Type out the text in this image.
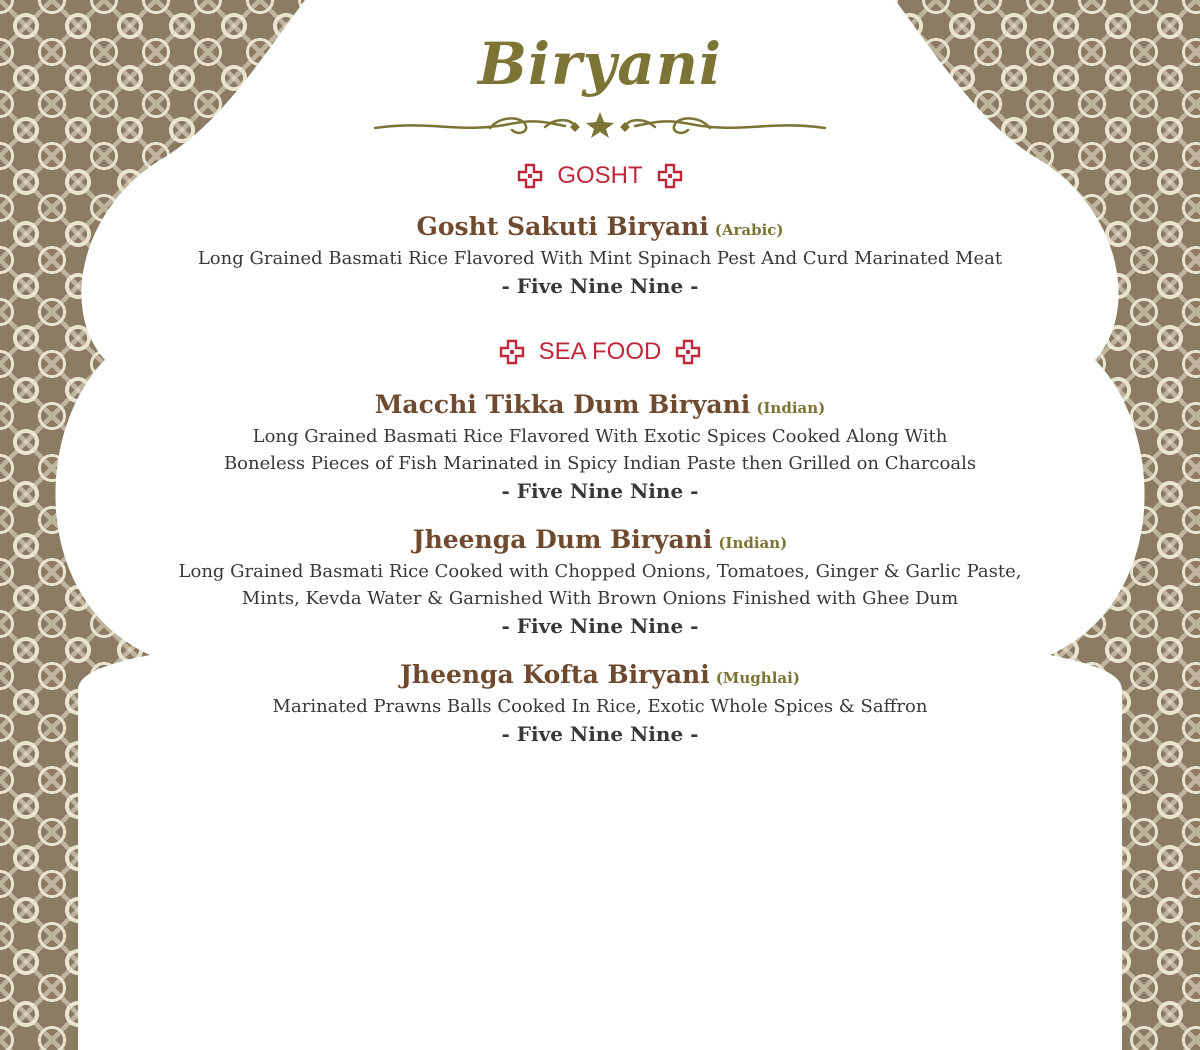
Biryani
GOSHT
Gosht Sakuti Biryani (Arabic)
Long Grained Basmati Rice Flavored With Mint Spinach Pest And Curd Marinated Meat
- Five Nine Nine -
SEA FOOD
Macchi Tikka Dum Biryani (Indian)
Long Grained Basmati Rice Flavored With Exotic Spices Cooked Along With
Boneless Pieces of Fish Marinated in Spicy Indian Paste then Grilled on Charcoals
- Five Nine Nine -
Jheenga Dum Biryani (Indian)
Long Grained Basmati Rice Cooked with Chopped Onions, Tomatoes, Ginger & Garlic Paste,
Mints, Kevda Water & Garnished With Brown Onions Finished with Ghee Dum
- Five Nine Nine -
Jheenga Kofta Biryani (Mughlai)
Marinated Prawns Balls Cooked In Rice, Exotic Whole Spices & Saffron
- Five Nine Nine -
